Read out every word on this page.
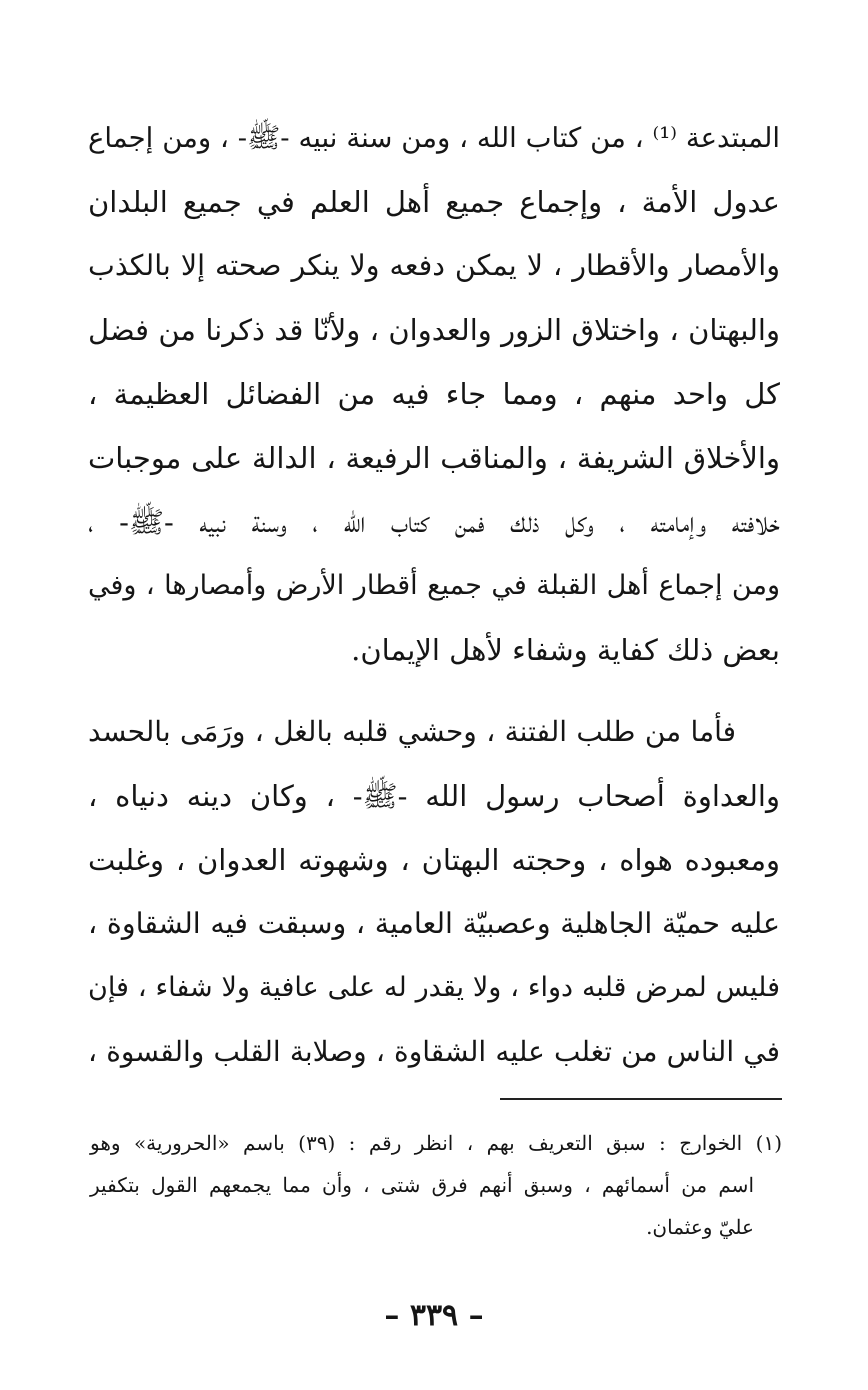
المبتدعة ⁽¹⁾ ، من كتاب الله ، ومن سنة نبيه -ﷺ- ، ومن إجماع
عدول الأمة ، وإجماع جميع أهل العلم في جميع البلدان
والأمصار والأقطار ، لا يمكن دفعه ولا ينكر صحته إلا بالكذب
والبهتان ، واختلاق الزور والعدوان ، ولأنّا قد ذكرنا من فضل
كل واحد منهم ، ومما جاء فيه من الفضائل العظيمة ،
والأخلاق الشريفة ، والمناقب الرفيعة ، الدالة على موجبات
خلافته وإمامته ، وكل ذلك فمن كتاب الله ، وسنة نبيه -ﷺ- ،
ومن إجماع أهل القبلة في جميع أقطار الأرض وأمصارها ، وفي
بعض ذلك كفاية وشفاء لأهل الإيمان.
فأما من طلب الفتنة ، وحشي قلبه بالغل ، ورَمَى بالحسد
والعداوة أصحاب رسول الله -ﷺ- ، وكان دينه دنياه ،
ومعبوده هواه ، وحجته البهتان ، وشهوته العدوان ، وغلبت
عليه حميّة الجاهلية وعصبيّة العامية ، وسبقت فيه الشقاوة ،
فليس لمرض قلبه دواء ، ولا يقدر له على عافية ولا شفاء ، فإن
في الناس من تغلب عليه الشقاوة ، وصلابة القلب والقسوة ،
(١) الخوارج : سبق التعريف بهم ، انظر رقم : (٣٩) باسم «الحرورية» وهو
اسم من أسمائهم ، وسبق أنهم فرق شتى ، وأن مما يجمعهم القول بتكفير
عليّ وعثمان.
– ٣٣٩ –
